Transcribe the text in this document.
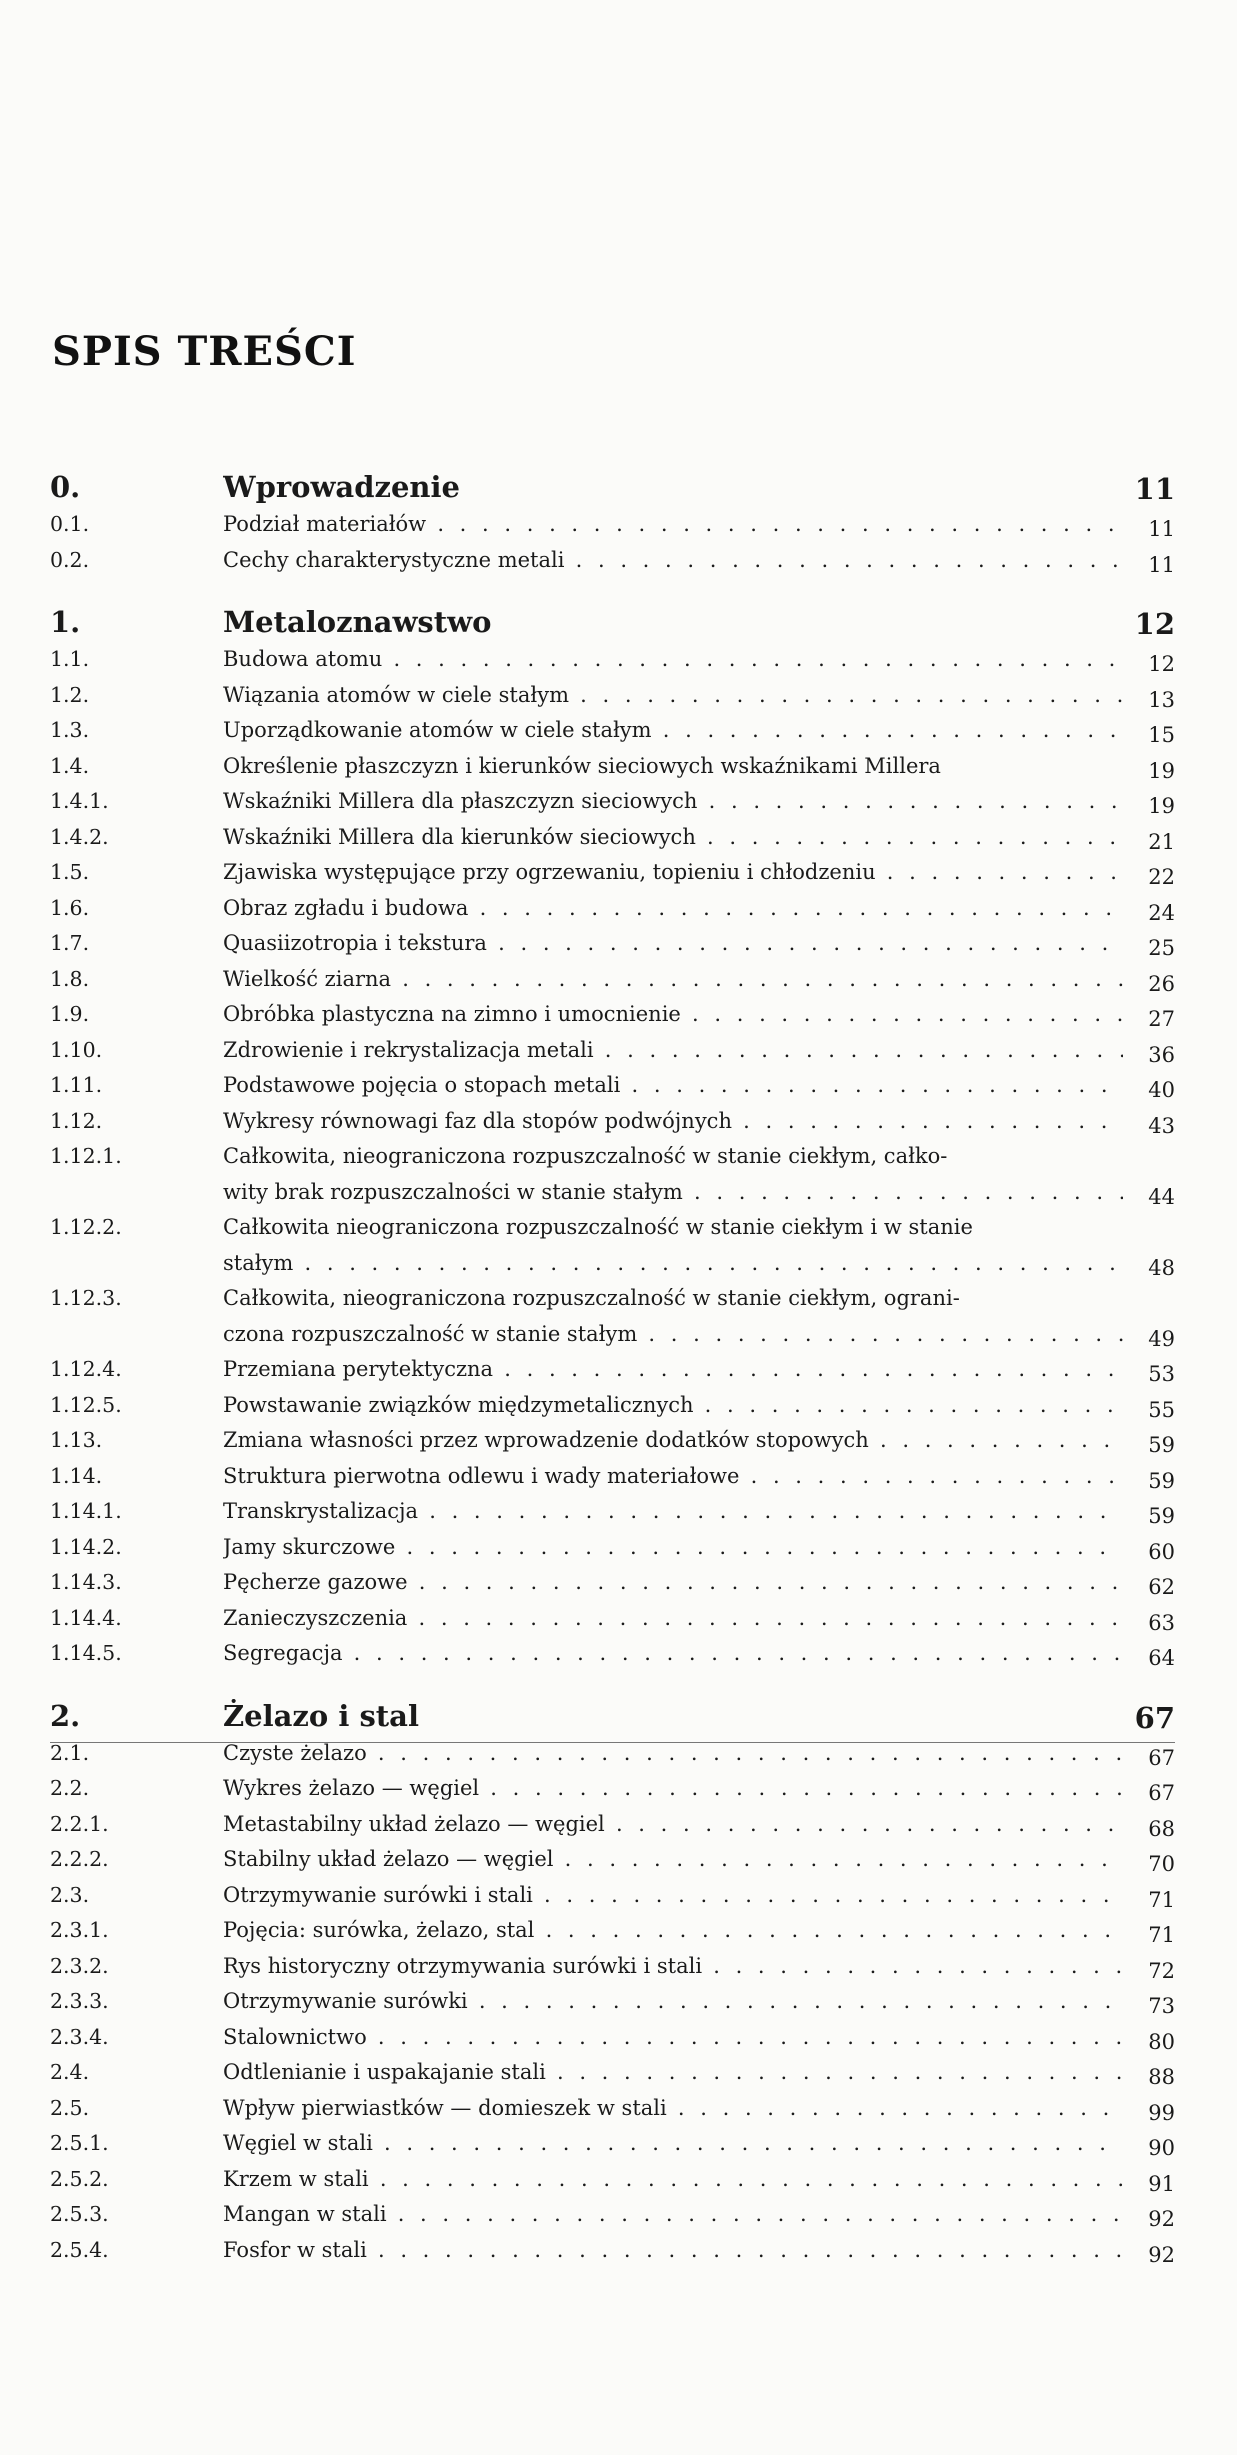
SPIS TREŚCI
0.	Wprowadzenie	11
0.1.	Podział materiałów . . .	11
0.2.	Cechy charakterystyczne metali . . .	11
1.	Metaloznawstwo	12
1.1.	Budowa atomu . . .	12
1.2.	Wiązania atomów w ciele stałym . . .	13
1.3.	Uporządkowanie atomów w ciele stałym . . .	15
1.4.	Określenie płaszczyzn i kierunków sieciowych wskaźnikami Millera	19
1.4.1.	Wskaźniki Millera dla płaszczyzn sieciowych . . .	19
1.4.2.	Wskaźniki Millera dla kierunków sieciowych . . .	21
1.5.	Zjawiska występujące przy ogrzewaniu, topieniu i chłodzeniu . . .	22
1.6.	Obraz zgładu i budowa . . .	24
1.7.	Quasiizotropia i tekstura . . .	25
1.8.	Wielkość ziarna . . .	26
1.9.	Obróbka plastyczna na zimno i umocnienie . . .	27
1.10.	Zdrowienie i rekrystalizacja metali . . .	36
1.11.	Podstawowe pojęcia o stopach metali . . .	40
1.12.	Wykresy równowagi faz dla stopów podwójnych . . .	43
1.12.1.	Całkowita, nieograniczona rozpuszczalność w stanie ciekłym, całko-
wity brak rozpuszczalności w stanie stałym . . .	44
1.12.2.	Całkowita nieograniczona rozpuszczalność w stanie ciekłym i w stanie
stałym . . .	48
1.12.3.	Całkowita, nieograniczona rozpuszczalność w stanie ciekłym, ograni-
czona rozpuszczalność w stanie stałym . . .	49
1.12.4.	Przemiana perytektyczna . . .	53
1.12.5.	Powstawanie związków międzymetalicznych . . .	55
1.13.	Zmiana własności przez wprowadzenie dodatków stopowych . . .	59
1.14.	Struktura pierwotna odlewu i wady materiałowe . . .	59
1.14.1.	Transkrystalizacja . . .	59
1.14.2.	Jamy skurczowe . . .	60
1.14.3.	Pęcherze gazowe . . .	62
1.14.4.	Zanieczyszczenia . . .	63
1.14.5.	Segregacja . . .	64
2.	Żelazo i stal	67
2.1.	Czyste żelazo . . .	67
2.2.	Wykres żelazo — węgiel . . .	67
2.2.1.	Metastabilny układ żelazo — węgiel . . .	68
2.2.2.	Stabilny układ żelazo — węgiel . . .	70
2.3.	Otrzymywanie surówki i stali . . .	71
2.3.1.	Pojęcia: surówka, żelazo, stal . . .	71
2.3.2.	Rys historyczny otrzymywania surówki i stali . . .	72
2.3.3.	Otrzymywanie surówki . . .	73
2.3.4.	Stalownictwo . . .	80
2.4.	Odtlenianie i uspakajanie stali . . .	88
2.5.	Wpływ pierwiastków — domieszek w stali . . .	99
2.5.1.	Węgiel w stali . . .	90
2.5.2.	Krzem w stali . . .	91
2.5.3.	Mangan w stali . . .	92
2.5.4.	Fosfor w stali . . .	92
